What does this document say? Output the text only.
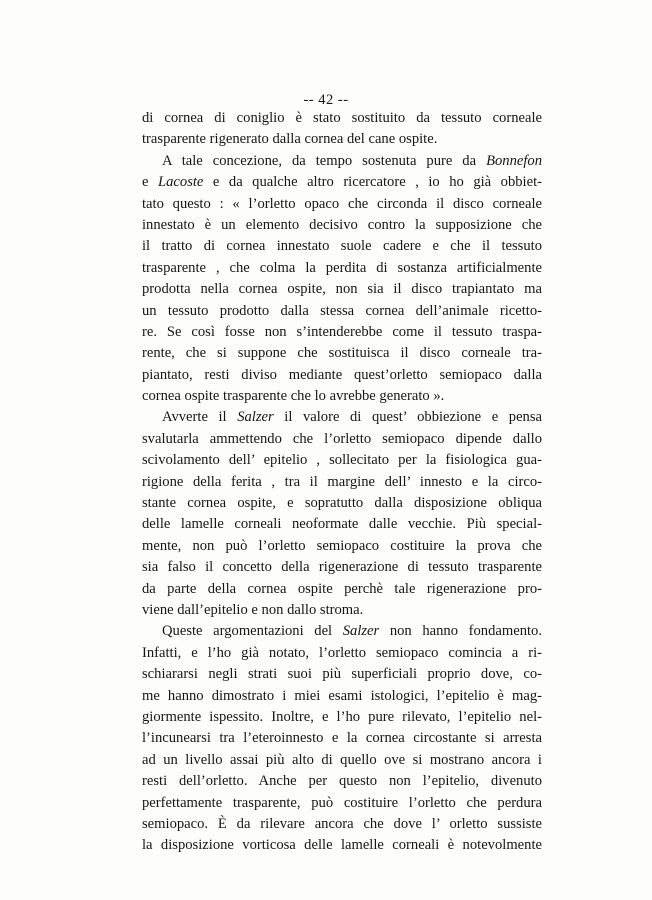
-- 42 --
di cornea di coniglio è stato sostituito da tessuto corneale
trasparente rigenerato dalla cornea del cane ospite.
A tale concezione, da tempo sostenuta pure da Bonnefon
e Lacoste e da qualche altro ricercatore , io ho già obbiet-
tato questo : « l’orletto opaco che circonda il disco corneale
innestato è un elemento decisivo contro la supposizione che
il tratto di cornea innestato suole cadere e che il tessuto
trasparente , che colma la perdita di sostanza artificialmente
prodotta nella cornea ospite, non sia il disco trapiantato ma
un tessuto prodotto dalla stessa cornea dell’animale ricetto-
re. Se così fosse non s’intenderebbe come il tessuto traspa-
rente, che si suppone che sostituisca il disco corneale tra-
piantato, resti diviso mediante quest’orletto semiopaco dalla
cornea ospite trasparente che lo avrebbe generato ».
Avverte il Salzer il valore di quest’ obbiezione e pensa
svalutarla ammettendo che l’orletto semiopaco dipende dallo
scivolamento dell’ epitelio , sollecitato per la fisiologica gua-
rigione della ferita , tra il margine dell’ innesto e la circo-
stante cornea ospite, e sopratutto dalla disposizione obliqua
delle lamelle corneali neoformate dalle vecchie. Più special-
mente, non può l’orletto semiopaco costituire la prova che
sia falso il concetto della rigenerazione di tessuto trasparente
da parte della cornea ospite perchè tale rigenerazione pro-
viene dall’epitelio e non dallo stroma.
Queste argomentazioni del Salzer non hanno fondamento.
Infatti, e l’ho già notato, l’orletto semiopaco comincia a ri-
schiararsi negli strati suoi più superficiali proprio dove, co-
me hanno dimostrato i miei esami istologici, l’epitelio è mag-
giormente ispessito. Inoltre, e l’ho pure rilevato, l’epitelio nel-
l’incunearsi tra l’eteroinnesto e la cornea circostante si arresta
ad un livello assai più alto di quello ove si mostrano ancora i
resti dell’orletto. Anche per questo non l’epitelio, divenuto
perfettamente trasparente, può costituire l’orletto che perdura
semiopaco. È da rilevare ancora che dove l’ orletto sussiste
la disposizione vorticosa delle lamelle corneali è notevolmente
